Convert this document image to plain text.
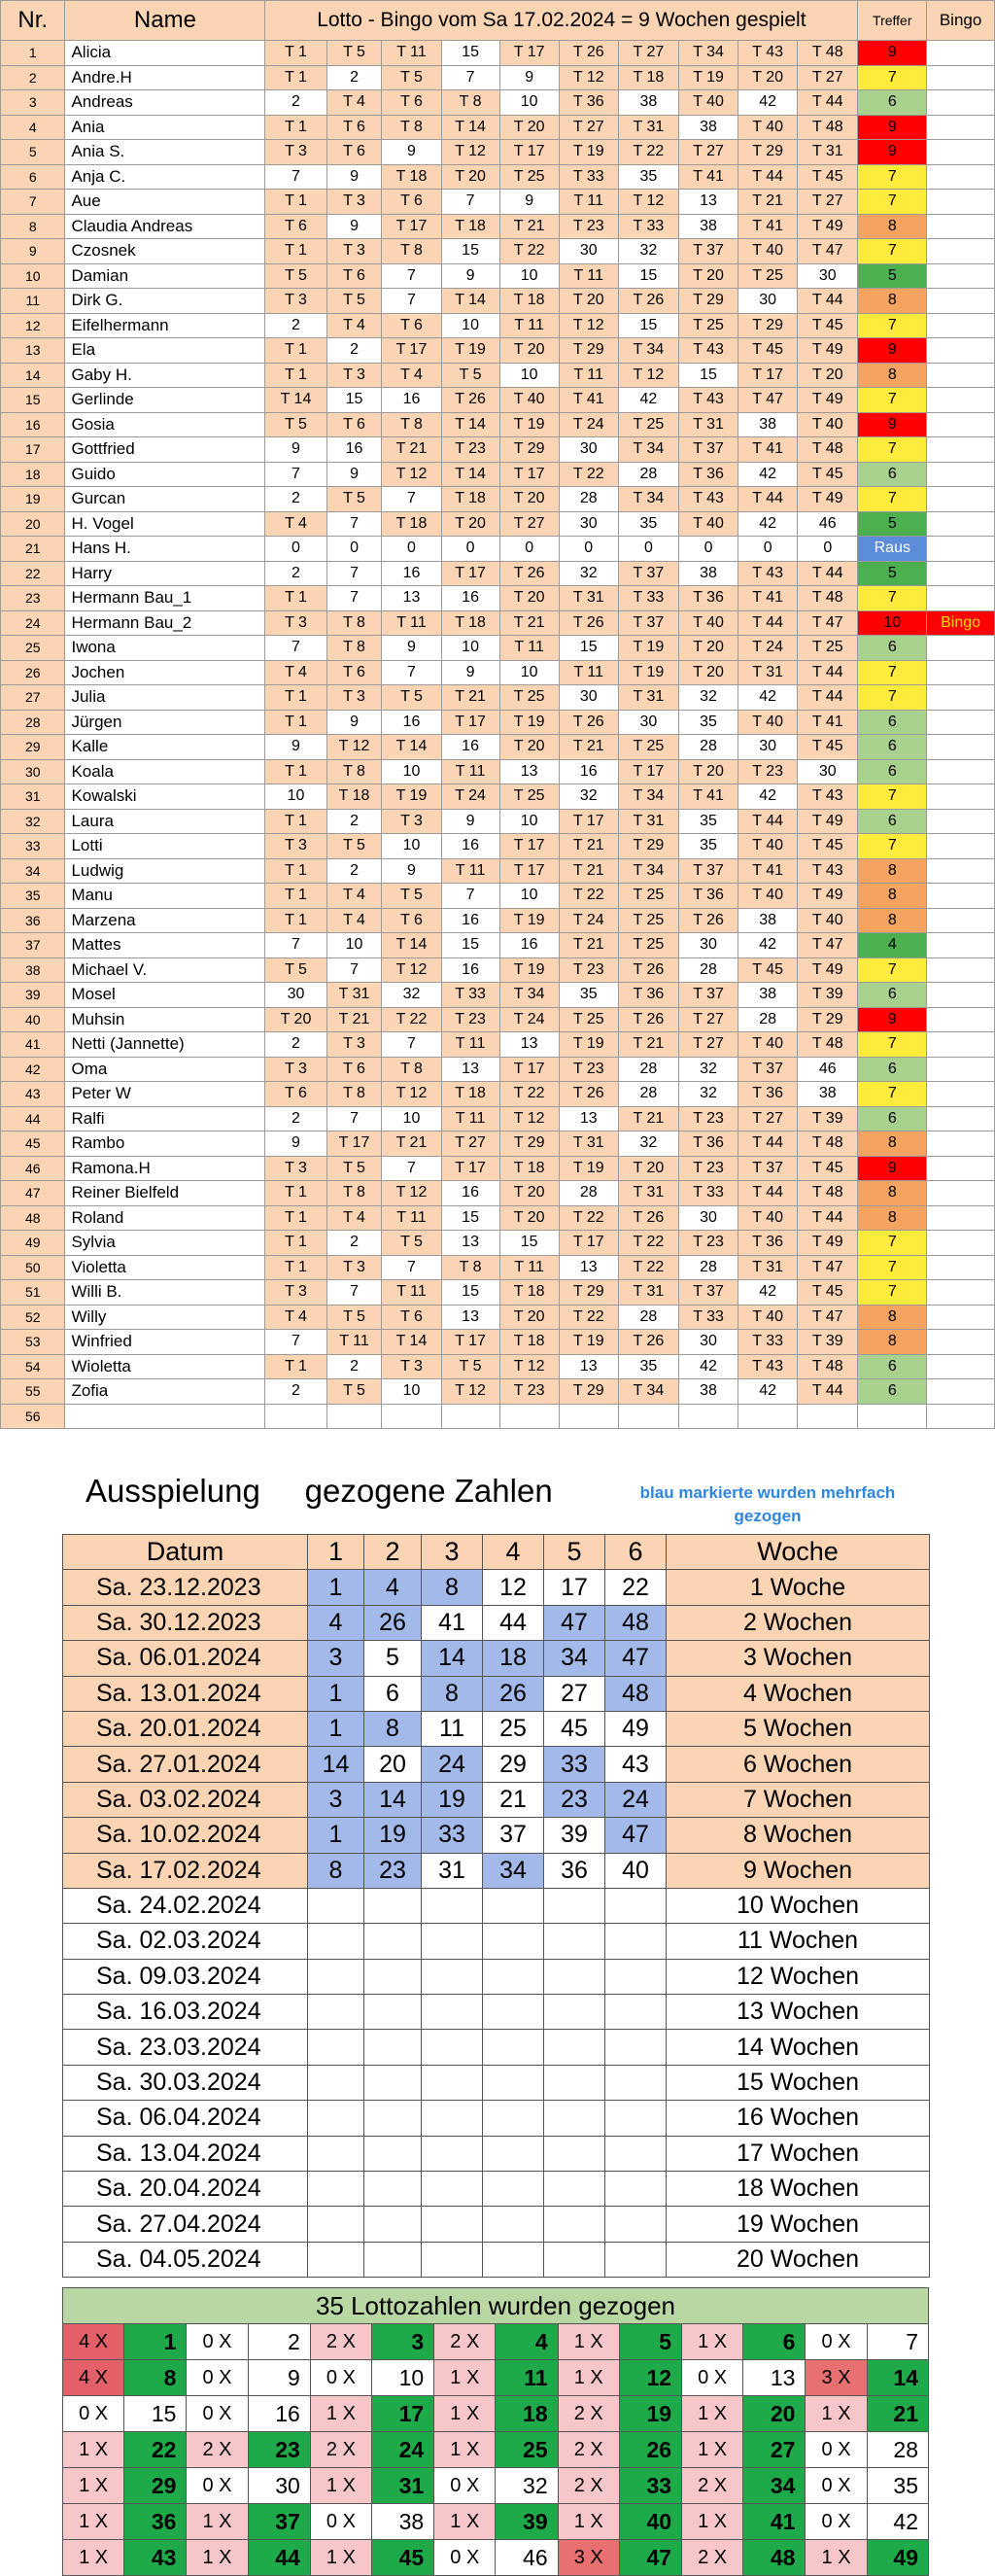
Nr.	Name	Lotto - Bingo vom Sa 17.02.2024 = 9 Wochen gespielt										Treffer	Bingo
1	Alicia	T 1	T 5	T 11	15	T 17	T 26	T 27	T 34	T 43	T 48	9	
2	Andre.H	T 1	2	T 5	7	9	T 12	T 18	T 19	T 20	T 27	7	
3	Andreas	2	T 4	T 6	T 8	10	T 36	38	T 40	42	T 44	6	
4	Ania	T 1	T 6	T 8	T 14	T 20	T 27	T 31	38	T 40	T 48	9	
5	Ania S.	T 3	T 6	9	T 12	T 17	T 19	T 22	T 27	T 29	T 31	9	
6	Anja C.	7	9	T 18	T 20	T 25	T 33	35	T 41	T 44	T 45	7	
7	Aue	T 1	T 3	T 6	7	9	T 11	T 12	13	T 21	T 27	7	
8	Claudia Andreas	T 6	9	T 17	T 18	T 21	T 23	T 33	38	T 41	T 49	8	
9	Czosnek	T 1	T 3	T 8	15	T 22	30	32	T 37	T 40	T 47	7	
10	Damian	T 5	T 6	7	9	10	T 11	15	T 20	T 25	30	5	
11	Dirk G.	T 3	T 5	7	T 14	T 18	T 20	T 26	T 29	30	T 44	8	
12	Eifelhermann	2	T 4	T 6	10	T 11	T 12	15	T 25	T 29	T 45	7	
13	Ela	T 1	2	T 17	T 19	T 20	T 29	T 34	T 43	T 45	T 49	9	
14	Gaby H.	T 1	T 3	T 4	T 5	10	T 11	T 12	15	T 17	T 20	8	
15	Gerlinde	T 14	15	16	T 26	T 40	T 41	42	T 43	T 47	T 49	7	
16	Gosia	T 5	T 6	T 8	T 14	T 19	T 24	T 25	T 31	38	T 40	9	
17	Gottfried	9	16	T 21	T 23	T 29	30	T 34	T 37	T 41	T 48	7	
18	Guido	7	9	T 12	T 14	T 17	T 22	28	T 36	42	T 45	6	
19	Gurcan	2	T 5	7	T 18	T 20	28	T 34	T 43	T 44	T 49	7	
20	H. Vogel	T 4	7	T 18	T 20	T 27	30	35	T 40	42	46	5	
21	Hans H.	0	0	0	0	0	0	0	0	0	0	Raus	
22	Harry	2	7	16	T 17	T 26	32	T 37	38	T 43	T 44	5	
23	Hermann Bau_1	T 1	7	13	16	T 20	T 31	T 33	T 36	T 41	T 48	7	
24	Hermann Bau_2	T 3	T 8	T 11	T 18	T 21	T 26	T 37	T 40	T 44	T 47	10	Bingo
25	Iwona	7	T 8	9	10	T 11	15	T 19	T 20	T 24	T 25	6	
26	Jochen	T 4	T 6	7	9	10	T 11	T 19	T 20	T 31	T 44	7	
27	Julia	T 1	T 3	T 5	T 21	T 25	30	T 31	32	42	T 44	7	
28	Jürgen	T 1	9	16	T 17	T 19	T 26	30	35	T 40	T 41	6	
29	Kalle	9	T 12	T 14	16	T 20	T 21	T 25	28	30	T 45	6	
30	Koala	T 1	T 8	10	T 11	13	16	T 17	T 20	T 23	30	6	
31	Kowalski	10	T 18	T 19	T 24	T 25	32	T 34	T 41	42	T 43	7	
32	Laura	T 1	2	T 3	9	10	T 17	T 31	35	T 44	T 49	6	
33	Lotti	T 3	T 5	10	16	T 17	T 21	T 29	35	T 40	T 45	7	
34	Ludwig	T 1	2	9	T 11	T 17	T 21	T 34	T 37	T 41	T 43	8	
35	Manu	T 1	T 4	T 5	7	10	T 22	T 25	T 36	T 40	T 49	8	
36	Marzena	T 1	T 4	T 6	16	T 19	T 24	T 25	T 26	38	T 40	8	
37	Mattes	7	10	T 14	15	16	T 21	T 25	30	42	T 47	4	
38	Michael V.	T 5	7	T 12	16	T 19	T 23	T 26	28	T 45	T 49	7	
39	Mosel	30	T 31	32	T 33	T 34	35	T 36	T 37	38	T 39	6	
40	Muhsin	T 20	T 21	T 22	T 23	T 24	T 25	T 26	T 27	28	T 29	9	
41	Netti (Jannette)	2	T 3	7	T 11	13	T 19	T 21	T 27	T 40	T 48	7	
42	Oma	T 3	T 6	T 8	13	T 17	T 23	28	32	T 37	46	6	
43	Peter W	T 6	T 8	T 12	T 18	T 22	T 26	28	32	T 36	38	7	
44	Ralfi	2	7	10	T 11	T 12	13	T 21	T 23	T 27	T 39	6	
45	Rambo	9	T 17	T 21	T 27	T 29	T 31	32	T 36	T 44	T 48	8	
46	Ramona.H	T 3	T 5	7	T 17	T 18	T 19	T 20	T 23	T 37	T 45	9	
47	Reiner Bielfeld	T 1	T 8	T 12	16	T 20	28	T 31	T 33	T 44	T 48	8	
48	Roland	T 1	T 4	T 11	15	T 20	T 22	T 26	30	T 40	T 44	8	
49	Sylvia	T 1	2	T 5	13	15	T 17	T 22	T 23	T 36	T 49	7	
50	Violetta	T 1	T 3	7	T 8	T 11	13	T 22	28	T 31	T 47	7	
51	Willi B.	T 3	7	T 11	15	T 18	T 29	T 31	T 37	42	T 45	7	
52	Willy	T 4	T 5	T 6	13	T 20	T 22	28	T 33	T 40	T 47	8	
53	Winfried	7	T 11	T 14	T 17	T 18	T 19	T 26	30	T 33	T 39	8	
54	Wioletta	T 1	2	T 3	T 5	T 12	13	35	42	T 43	T 48	6	
55	Zofia	2	T 5	10	T 12	T 23	T 29	T 34	38	42	T 44	6	
56													
Ausspielung     gezogene Zahlen	blau markierte wurden mehrfach gezogen
Datum	1	2	3	4	5	6	Woche
Sa. 23.12.2023	1	4	8	12	17	22	1 Woche
Sa. 30.12.2023	4	26	41	44	47	48	2 Wochen
Sa. 06.01.2024	3	5	14	18	34	47	3 Wochen
Sa. 13.01.2024	1	6	8	26	27	48	4 Wochen
Sa. 20.01.2024	1	8	11	25	45	49	5 Wochen
Sa. 27.01.2024	14	20	24	29	33	43	6 Wochen
Sa. 03.02.2024	3	14	19	21	23	24	7 Wochen
Sa. 10.02.2024	1	19	33	37	39	47	8 Wochen
Sa. 17.02.2024	8	23	31	34	36	40	9 Wochen
Sa. 24.02.2024							10 Wochen
Sa. 02.03.2024							11 Wochen
Sa. 09.03.2024							12 Wochen
Sa. 16.03.2024							13 Wochen
Sa. 23.03.2024							14 Wochen
Sa. 30.03.2024							15 Wochen
Sa. 06.04.2024							16 Wochen
Sa. 13.04.2024							17 Wochen
Sa. 20.04.2024							18 Wochen
Sa. 27.04.2024							19 Wochen
Sa. 04.05.2024							20 Wochen
35 Lottozahlen wurden gezogen													
4 X	1	0 X	2	2 X	3	2 X	4	1 X	5	1 X	6	0 X	7
4 X	8	0 X	9	0 X	10	1 X	11	1 X	12	0 X	13	3 X	14
0 X	15	0 X	16	1 X	17	1 X	18	2 X	19	1 X	20	1 X	21
1 X	22	2 X	23	2 X	24	1 X	25	2 X	26	1 X	27	0 X	28
1 X	29	0 X	30	1 X	31	0 X	32	2 X	33	2 X	34	0 X	35
1 X	36	1 X	37	0 X	38	1 X	39	1 X	40	1 X	41	0 X	42
1 X	43	1 X	44	1 X	45	0 X	46	3 X	47	2 X	48	1 X	49
